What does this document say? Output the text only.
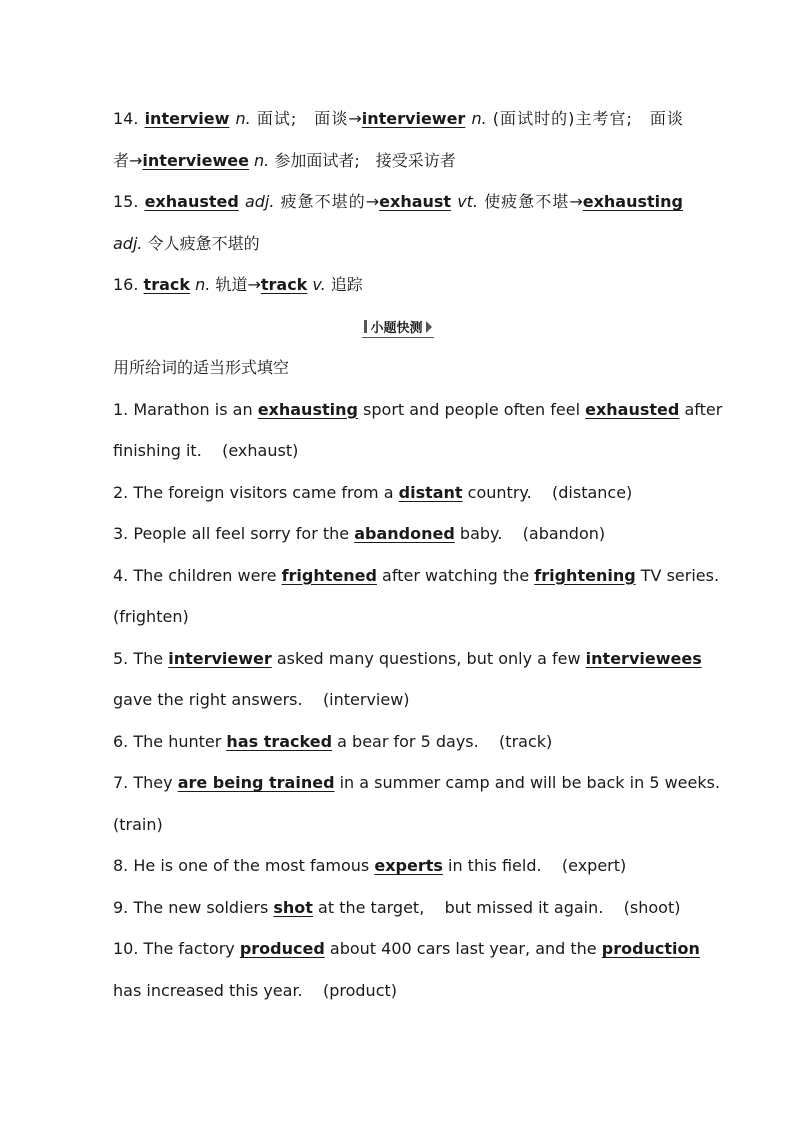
14. interview n. 面试;　面谈→interviewer n. (面试时的)主考官;　面谈
者→interviewee n. 参加面试者;　接受采访者
15. exhausted adj. 疲惫不堪的→exhaust vt. 使疲惫不堪→exhausting
adj. 令人疲惫不堪的
16. track n. 轨道→track v. 追踪
小题快测
用所给词的适当形式填空
1. Marathon is an exhausting sport and people often feel exhausted after
finishing it. (exhaust)
2. The foreign visitors came from a distant country. (distance)
3. People all feel sorry for the abandoned baby. (abandon)
4. The children were frightened after watching the frightening TV series.
(frighten)
5. The interviewer asked many questions, but only a few interviewees
gave the right answers. (interview)
6. The hunter has tracked a bear for 5 days. (track)
7. They are being trained in a summer camp and will be back in 5 weeks.
(train)
8. He is one of the most famous experts in this field. (expert)
9. The new soldiers shot at the target, but missed it again. (shoot)
10. The factory produced about 400 cars last year, and the production
has increased this year. (product)
